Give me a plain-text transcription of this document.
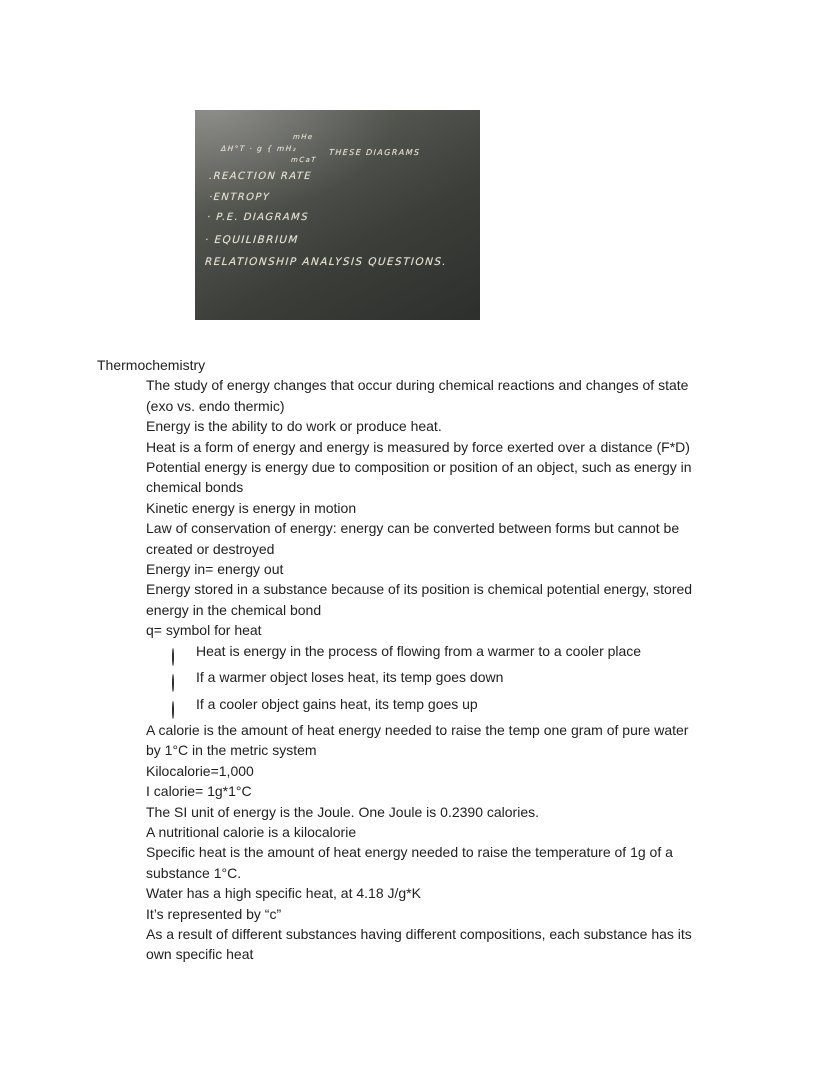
mHe
ΔH°T · g { mH₂
mCaT
THESE DIAGRAMS
.REACTION RATE
·ENTROPY
· P.E. DIAGRAMS
· EQUILIBRIUM
RELATIONSHIP ANALYSIS QUESTIONS.
Thermochemistry
The study of energy changes that occur during chemical reactions and changes of state (exo vs. endo thermic)
Energy is the ability to do work or produce heat.
Heat is a form of energy and energy is measured by force exerted over a distance (F*D)
Potential energy is energy due to composition or position of an object, such as energy in chemical bonds
Kinetic energy is energy in motion
Law of conservation of energy: energy can be converted between forms but cannot be created or destroyed
Energy in= energy out
Energy stored in a substance because of its position is chemical potential energy, stored energy in the chemical bond
q= symbol for heat
Heat is energy in the process of flowing from a warmer to a cooler place
If a warmer object loses heat, its temp goes down
If a cooler object gains heat, its temp goes up
A calorie is the amount of heat energy needed to raise the temp one gram of pure water by 1°C in the metric system
Kilocalorie=1,000
I calorie= 1g*1°C
The SI unit of energy is the Joule. One Joule is 0.2390 calories.
A nutritional calorie is a kilocalorie
Specific heat is the amount of heat energy needed to raise the temperature of 1g of a substance 1°C.
Water has a high specific heat, at 4.18 J/g*K
It’s represented by “c”
As a result of different substances having different compositions, each substance has its own specific heat
